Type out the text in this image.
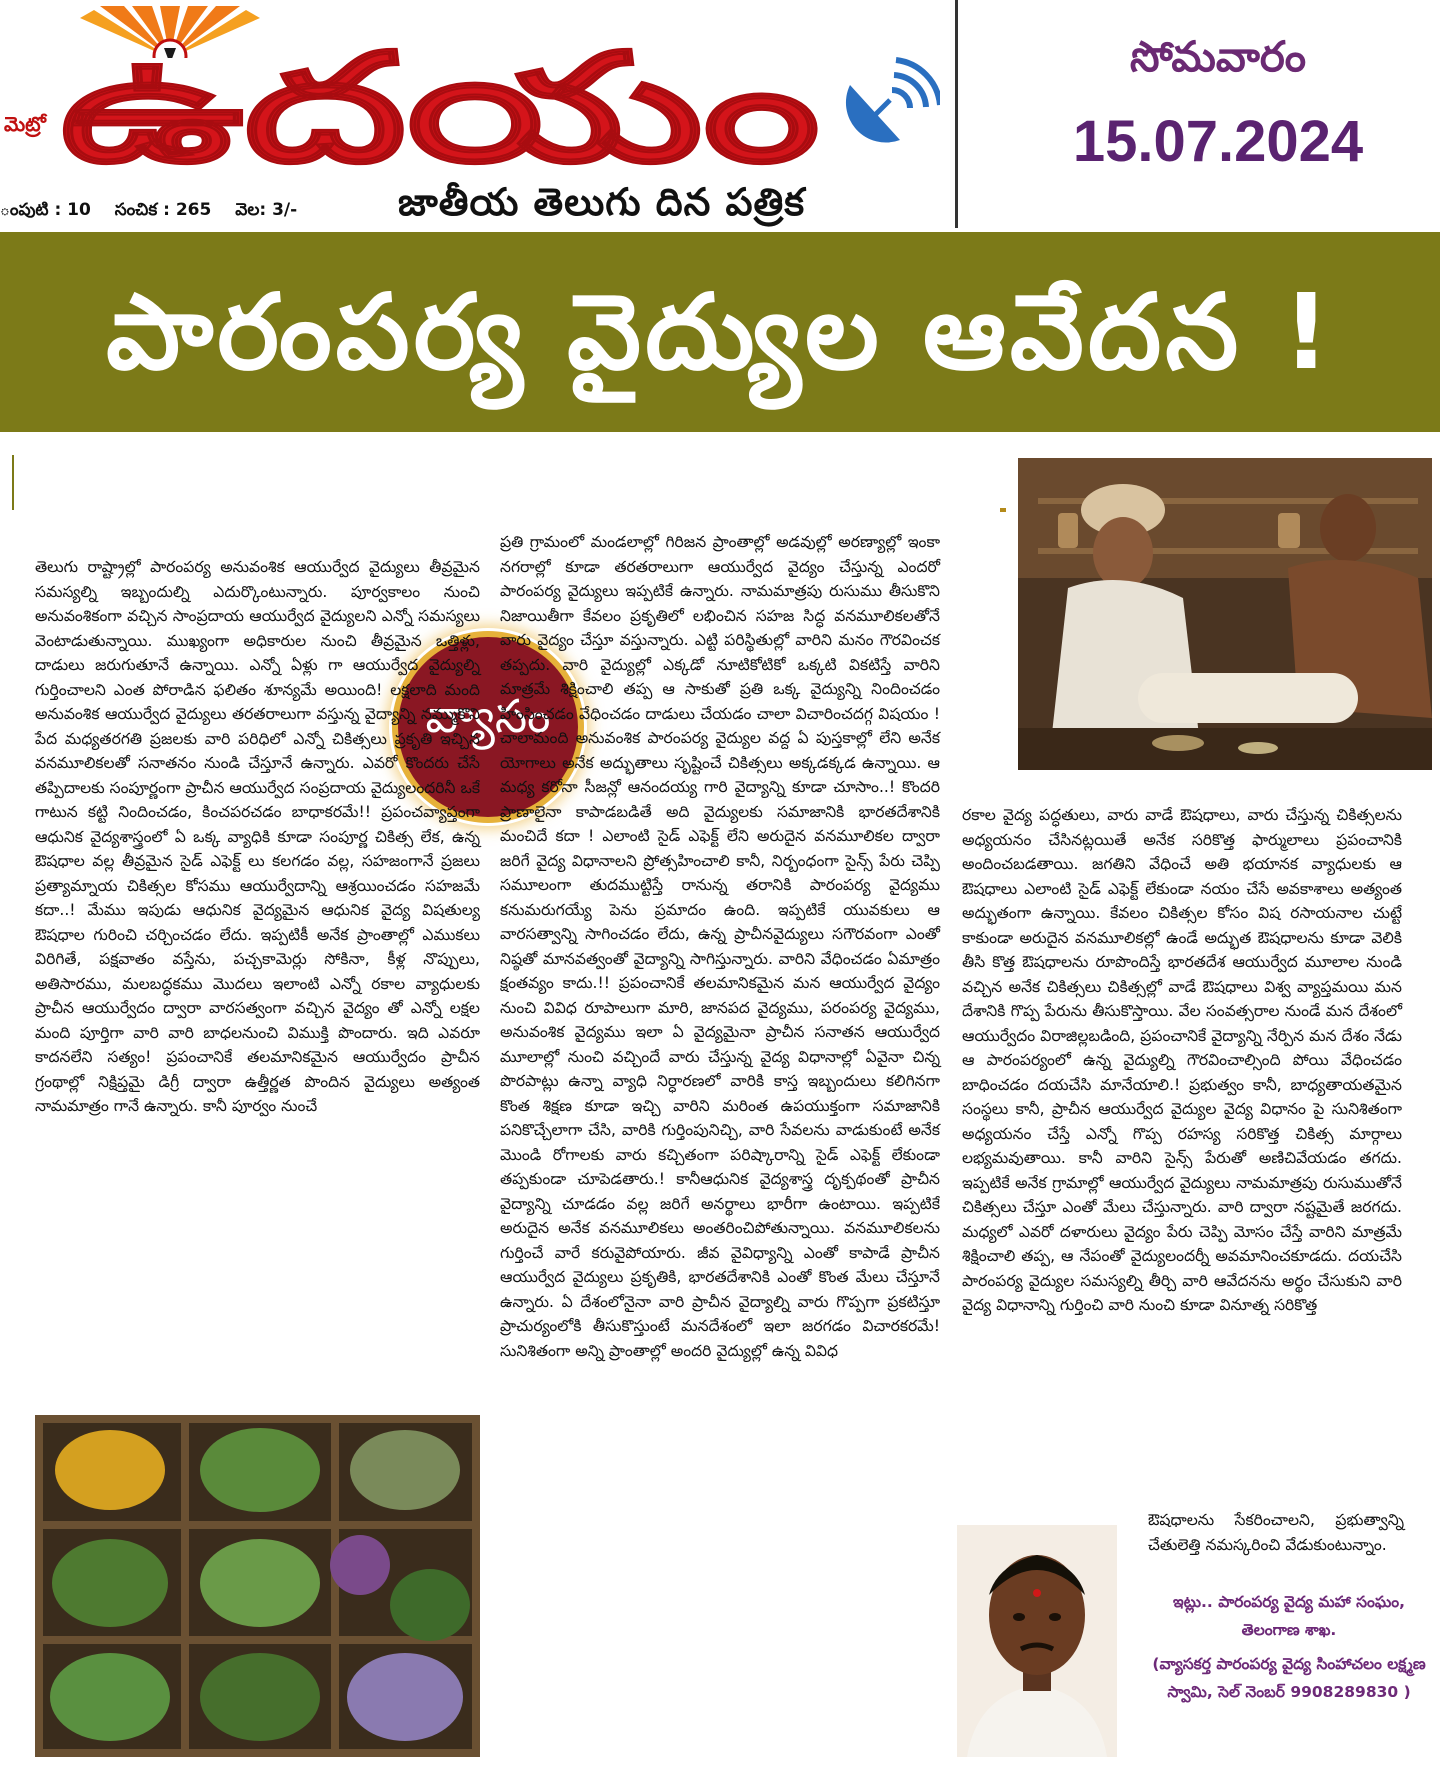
ఉదయం
మెట్రో
జాతీయ తెలుగు దిన పత్రిక
ంపుటి : 10 సంచిక : 265 వెల: 3/-
సోమవారం
15.07.2024
పారంపర్య వైద్యుల ఆవేదన !
వ్యాసం

తెలుగు రాష్ట్రాల్లో పారంపర్య అనువంశిక ఆయుర్వేద వైద్యులు తీవ్రమైన సమస్యల్ని ఇబ్బందుల్ని ఎదుర్కొంటున్నారు. పూర్వకాలం నుంచి అనువంశికంగా వచ్చిన సాంప్రదాయ ఆయుర్వేద వైద్యులని ఎన్నో సమస్యలు వెంటాడుతున్నాయి. ముఖ్యంగా అధికారుల నుంచి తీవ్రమైన ఒత్తిళ్లు, దాడులు జరుగుతూనే ఉన్నాయి. ఎన్నో ఏళ్లు గా ఆయుర్వేద వైద్యుల్ని గుర్తించాలని ఎంత పోరాడిన ఫలితం శూన్యమే అయింది! లక్షలాది మంది అనువంశిక ఆయుర్వేద వైద్యులు తరతరాలుగా వస్తున్న వైద్యాన్ని నమ్ముకొని పేద మధ్యతరగతి ప్రజలకు వారి పరిధిలో ఎన్నో చికిత్సలు ప్రకృతి ఇచ్చిన వనమూలికలతో సనాతనం నుండి చేస్తూనే ఉన్నారు. ఎవరో కొందరు చేసే తప్పిదాలకు సంపూర్ణంగా ప్రాచీన ఆయుర్వేద సంప్రదాయ వైద్యులందరినీ ఒకే గాటున కట్టి నిందించడం, కించపరచడం బాధాకరమే!! ప్రపంచవ్యాప్తంగా ఆధునిక వైద్యశాస్త్రంలో ఏ ఒక్క వ్యాధికి కూడా సంపూర్ణ చికిత్స లేక, ఉన్న ఔషధాల వల్ల తీవ్రమైన సైడ్ ఎఫెక్ట్ లు కలగడం వల్ల, సహజంగానే ప్రజలు ప్రత్యామ్నాయ చికిత్సల కోసము ఆయుర్వేదాన్ని ఆశ్రయించడం సహజమే కదా..! మేము ఇపుడు ఆధునిక వైద్యమైన ఆధునిక వైద్య విషతుల్య ఔషధాల గురించి చర్చించడం లేదు. ఇప్పటికీ అనేక ప్రాంతాల్లో ఎముకలు విరిగితే, పక్షవాతం వస్తేను, పచ్చకామెర్లు సోకినా, కీళ్ల నొప్పులు, అతిసారము, మలబద్ధకము మొదలు ఇలాంటి ఎన్నో రకాల వ్యాధులకు ప్రాచీన ఆయుర్వేదం ద్వారా వారసత్వంగా వచ్చిన వైద్యం తో ఎన్నో లక్షల మంది పూర్తిగా వారి వారి బాధలనుంచి విముక్తి పొందారు. ఇది ఎవరూ కాదనలేని సత్యం! ప్రపంచానికే తలమానికమైన ఆయుర్వేదం ప్రాచీన గ్రంథాల్లో నిక్షిప్తమై డిగ్రీ ద్వారా ఉత్తీర్ణత పొందిన వైద్యులు అత్యంత నామమాత్రం గానే ఉన్నారు. కానీ పూర్వం నుంచే

ప్రతి గ్రామంలో మండలాల్లో గిరిజన ప్రాంతాల్లో అడవుల్లో అరణ్యాల్లో ఇంకా నగరాల్లో కూడా తరతరాలుగా ఆయుర్వేద వైద్యం చేస్తున్న ఎందరో పారంపర్య వైద్యులు ఇప్పటికే ఉన్నారు. నామమాత్రపు రుసుము తీసుకొని నిజాయితీగా కేవలం ప్రకృతిలో లభించిన సహజ సిద్ధ వనమూలికలతోనే వారు వైద్యం చేస్తూ వస్తున్నారు. ఎట్టి పరిస్థితుల్లో వారిని మనం గౌరవించక తప్పదు. వారి వైద్యుల్లో ఎక్కడో నూటికోటికో ఒక్కటి వికటిస్తే వారిని మాత్రమే శిక్షించాలి తప్ప ఆ సాకుతో ప్రతి ఒక్క వైద్యున్ని నిందించడం హింసించడం వేధించడం దాడులు చేయడం చాలా విచారించదగ్గ విషయం ! చాలామంది అనువంశిక పారంపర్య వైద్యుల వద్ద ఏ పుస్తకాల్లో లేని అనేక యోగాలు అనేక అద్భుతాలు సృష్టించే చికిత్సలు అక్కడక్కడ ఉన్నాయి. ఆ మధ్య కరోనా సీజన్లో ఆనందయ్య గారి వైద్యాన్ని కూడా చూసాం..! కొందరి ప్రాణాలైనా కాపాడబడితే అది వైద్యులకు సమాజానికి భారతదేశానికి మంచిదే కదా ! ఎలాంటి సైడ్ ఎఫెక్ట్ లేని అరుదైన వనమూలికల ద్వారా జరిగే వైద్య విధానాలని ప్రోత్సహించాలి కానీ, నిర్బంధంగా సైన్స్ పేరు చెప్పి సమూలంగా తుదముట్టిస్తే రానున్న తరానికి పారంపర్య వైద్యము కనుమరుగయ్యే పెను ప్రమాదం ఉంది. ఇప్పటికే యువకులు ఆ వారసత్వాన్ని సాగించడం లేదు, ఉన్న ప్రాచీనవైద్యులు సగౌరవంగా ఎంతో నిష్ఠతో మానవత్వంతో వైద్యాన్ని సాగిస్తున్నారు. వారిని వేధించడం ఏమాత్రం క్షంతవ్యం కాదు.!! ప్రపంచానికే తలమానికమైన మన ఆయుర్వేద వైద్యం నుంచి వివిధ రూపాలుగా మారి, జానపద వైద్యము, పరంపర్య వైద్యము, అనువంశిక వైద్యము ఇలా ఏ వైద్యమైనా ప్రాచీన సనాతన ఆయుర్వేద మూలాల్లో నుంచి వచ్చిందే వారు చేస్తున్న వైద్య విధానాల్లో ఏవైనా చిన్న పొరపాట్లు ఉన్నా వ్యాధి నిర్ధారణలో వారికి కాస్త ఇబ్బందులు కలిగినగా కొంత శిక్షణ కూడా ఇచ్చి వారిని మరింత ఉపయుక్తంగా సమాజానికి పనికొచ్చేలాగా చేసి, వారికి గుర్తింపునిచ్చి, వారి సేవలను వాడుకుంటే అనేక మొండి రోగాలకు వారు కచ్చితంగా పరిష్కారాన్ని సైడ్ ఎఫెక్ట్ లేకుండా తప్పకుండా చూపెడతారు.! కానీఆధునిక వైద్యశాస్త్ర దృక్పథంతో ప్రాచీన వైద్యాన్ని చూడడం వల్ల జరిగే అనర్థాలు భారీగా ఉంటాయి. ఇప్పటికే అరుదైన అనేక వనమూలికలు అంతరించిపోతున్నాయి. వనమూలికలను గుర్తించే వారే కరువైపోయారు. జీవ వైవిధ్యాన్ని ఎంతో కాపాడే ప్రాచీన ఆయుర్వేద వైద్యులు ప్రకృతికి, భారతదేశానికి ఎంతో కొంత మేలు చేస్తూనే ఉన్నారు. ఏ దేశంలోనైనా వారి ప్రాచీన వైద్యాల్ని వారు గొప్పగా ప్రకటిస్తూ ప్రాచుర్యంలోకి తీసుకొస్తుంటే మనదేశంలో ఇలా జరగడం విచారకరమే! సునిశితంగా అన్ని ప్రాంతాల్లో అందరి వైద్యుల్లో ఉన్న వివిధ

రకాల వైద్య పద్ధతులు, వారు వాడే ఔషధాలు, వారు చేస్తున్న చికిత్సలను అధ్యయనం చేసినట్లయితే అనేక సరికొత్త ఫార్ములాలు ప్రపంచానికి అందించబడతాయి. జగతిని వేధించే అతి భయానక వ్యాధులకు ఆ ఔషధాలు ఎలాంటి సైడ్ ఎఫెక్ట్ లేకుండా నయం చేసే అవకాశాలు అత్యంత అద్భుతంగా ఉన్నాయి. కేవలం చికిత్సల కోసం విష రసాయనాల చుట్టే కాకుండా అరుదైన వనమూలికల్లో ఉండే అద్భుత ఔషధాలను కూడా వెలికి తీసి కొత్త ఔషధాలను రూపొందిస్తే భారతదేశ ఆయుర్వేద మూలాల నుండి వచ్చిన అనేక చికిత్సలు చికిత్సల్లో వాడే ఔషధాలు విశ్వ వ్యాప్తమయి మన దేశానికి గొప్ప పేరును తీసుకొస్తాయి. వేల సంవత్సరాల నుండే మన దేశంలో ఆయుర్వేదం విరాజిల్లబడింది, ప్రపంచానికే వైద్యాన్ని నేర్పిన మన దేశం నేడు ఆ పారంపర్యంలో ఉన్న వైద్యుల్ని గౌరవించాల్సింది పోయి వేధించడం బాధించడం దయచేసి మానేయాలి.! ప్రభుత్వం కానీ, బాధ్యతాయతమైన సంస్థలు కానీ, ప్రాచీన ఆయుర్వేద వైద్యుల వైద్య విధానం పై సునిశితంగా అధ్యయనం చేస్తే ఎన్నో గొప్ప రహస్య సరికొత్త చికిత్స మార్గాలు లభ్యమవుతాయి. కానీ వారిని సైన్స్ పేరుతో అణిచివేయడం తగదు. ఇప్పటికే అనేక గ్రామాల్లో ఆయుర్వేద వైద్యులు నామమాత్రపు రుసుముతోనే చికిత్సలు చేస్తూ ఎంతో మేలు చేస్తున్నారు. వారి ద్వారా నష్టమైతే జరగదు. మధ్యలో ఎవరో దళారులు వైద్యం పేరు చెప్పి మోసం చేస్తే వారిని మాత్రమే శిక్షించాలి తప్ప, ఆ నేపంతో వైద్యులందర్నీ అవమానించకూడదు. దయచేసి పారంపర్య వైద్యుల సమస్యల్ని తీర్చి వారి ఆవేదనను అర్థం చేసుకుని వారి వైద్య విధానాన్ని గుర్తించి వారి నుంచి కూడా వినూత్న సరికొత్త

ఔషధాలను సేకరించాలని, ప్రభుత్వాన్ని చేతులెత్తి నమస్కరించి వేడుకుంటున్నాం.

ఇట్లు.. పారంపర్య వైద్య మహా సంఘం, తెలంగాణ శాఖ.

(వ్యాసకర్త పారంపర్య వైద్య సింహాచలం లక్ష్మణ స్వామి, సెల్ నెంబర్ 9908289830 )
